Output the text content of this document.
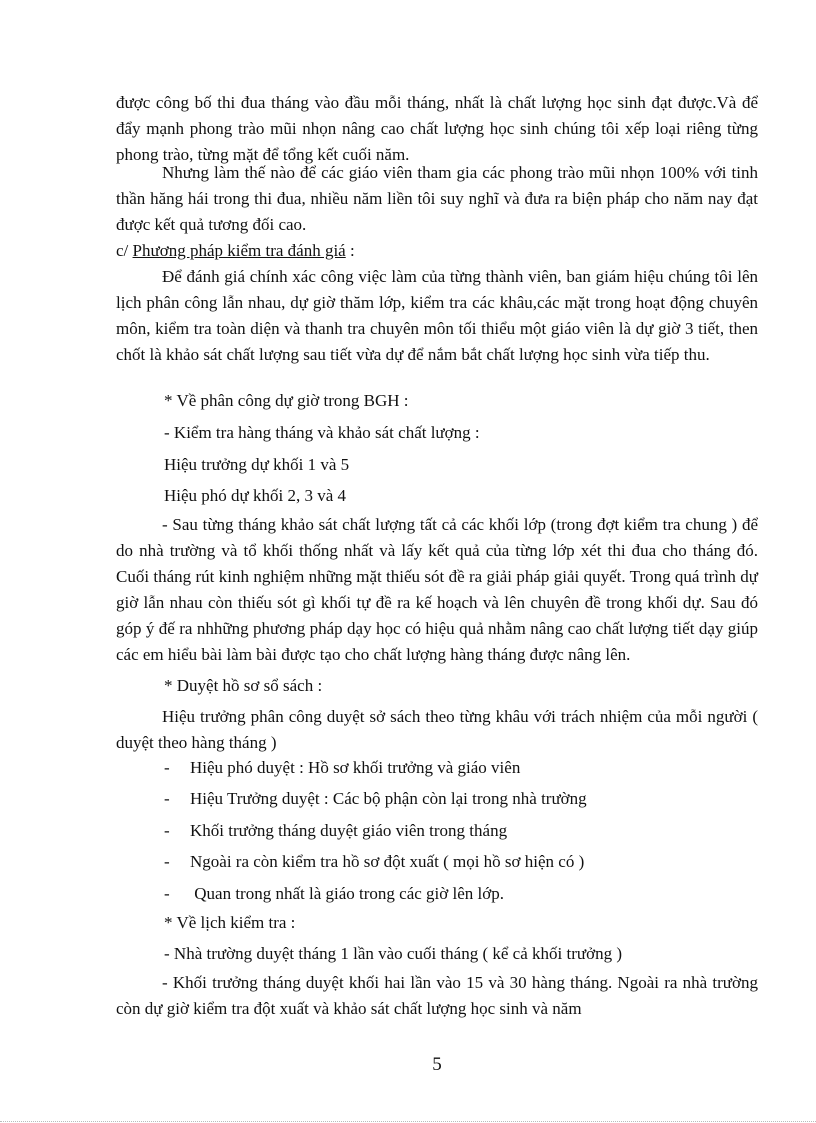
được công bố thi đua tháng vào đầu mỗi tháng, nhất là chất lượng học sinh đạt được.Và để đẩy mạnh phong trào mũi nhọn nâng cao chất lượng học sinh chúng tôi xếp loại riêng từng phong trào, từng mặt để tổng kết cuối năm.

Nhưng làm thế nào để các giáo viên tham gia các phong trào mũi nhọn 100% với tinh thần hăng hái trong thi đua, nhiều năm liền tôi suy nghĩ và đưa ra biện pháp cho năm nay đạt được kết quả tương đối cao.

c/ Phương pháp kiểm tra đánh giá :

Để đánh giá chính xác công việc làm của từng thành viên, ban giám hiệu chúng tôi lên lịch phân công lẫn nhau, dự giờ thăm lớp, kiểm tra các khâu,các mặt trong hoạt động chuyên môn, kiểm tra toàn diện và thanh tra chuyên môn tối thiểu một giáo viên là dự giờ 3 tiết, then chốt là khảo sát chất lượng sau tiết vừa dự để nắm bắt chất lượng học sinh vừa tiếp thu.

* Về phân công dự giờ trong BGH :
- Kiểm tra hàng tháng và khảo sát chất lượng :
Hiệu trưởng dự khối 1 và 5
Hiệu phó dự khối 2, 3 và 4

- Sau từng tháng khảo sát chất lượng tất cả các khối lớp (trong đợt kiểm tra chung ) để do nhà trường và tổ khối thống nhất và lấy kết quả của từng lớp xét thi đua cho tháng đó. Cuối tháng rút kinh nghiệm những mặt thiếu sót đề ra giải pháp giải quyết. Trong quá trình dự giờ lẫn nhau còn thiếu sót gì khối tự đề ra kế hoạch và lên chuyên đề trong khối dự. Sau đó góp ý đế ra nhhững phương pháp dạy học có hiệu quả nhằm nâng cao chất lượng tiết dạy giúp các em hiểu bài làm bài được tạo cho chất lượng hàng tháng được nâng lên.

* Duyệt hồ sơ sổ sách :

Hiệu trưởng phân công duyệt sở sách theo từng khâu với trách nhiệm của mỗi người ( duyệt theo hàng tháng )

- Hiệu phó duyệt : Hồ sơ khối trưởng và giáo viên
- Hiệu Trưởng duyệt : Các bộ phận còn lại trong nhà trường
- Khối trưởng tháng duyệt giáo viên trong tháng
- Ngoài ra còn kiểm tra hồ sơ đột xuất ( mọi hồ sơ hiện có )
- Quan trong nhất là giáo trong các giờ lên lớp.
* Về lịch kiểm tra :
- Nhà trường duyệt tháng 1 lần vào cuối tháng ( kể cả khối trưởng )

- Khối trưởng tháng duyệt khối hai lần vào 15 và 30 hàng tháng. Ngoài ra nhà trường còn dự giờ kiểm tra đột xuất và khảo sát chất lượng học sinh và năm

5
